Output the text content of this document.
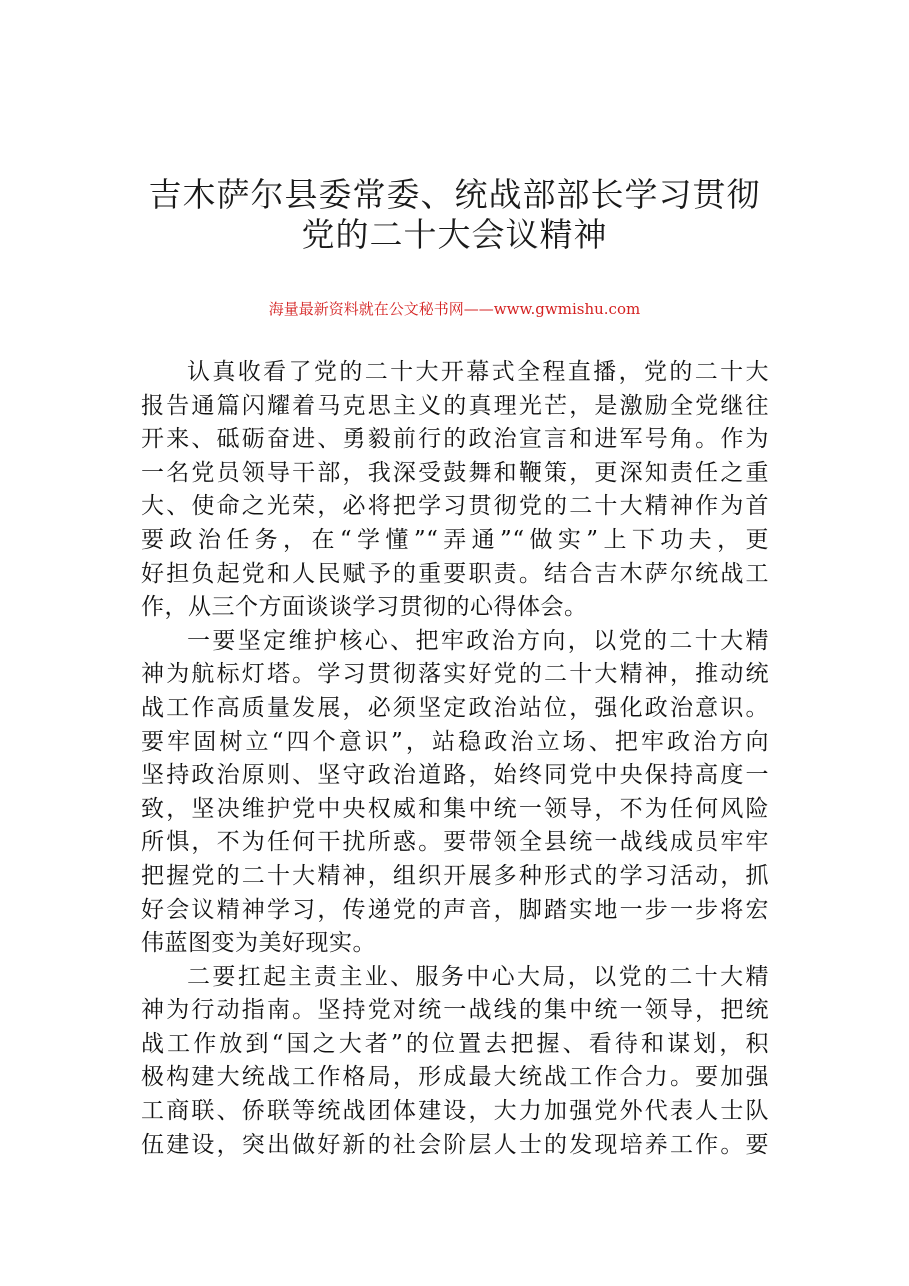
吉木萨尔县委常委、统战部部长学习贯彻
党的二十大会议精神
海量最新资料就在公文秘书网——www.gwmishu.com
认真收看了党的二十大开幕式全程直播，党的二十大
报告通篇闪耀着马克思主义的真理光芒，是激励全党继往
开来、砥砺奋进、勇毅前行的政治宣言和进军号角。作为
一名党员领导干部，我深受鼓舞和鞭策，更深知责任之重
大、使命之光荣，必将把学习贯彻党的二十大精神作为首
要政治任务，在“学懂”“弄通”“做实”上下功夫，更
好担负起党和人民赋予的重要职责。结合吉木萨尔统战工
作，从三个方面谈谈学习贯彻的心得体会。
一要坚定维护核心、把牢政治方向，以党的二十大精
神为航标灯塔。学习贯彻落实好党的二十大精神，推动统
战工作高质量发展，必须坚定政治站位，强化政治意识。
要牢固树立“四个意识”，站稳政治立场、把牢政治方向
坚持政治原则、坚守政治道路，始终同党中央保持高度一
致，坚决维护党中央权威和集中统一领导，不为任何风险
所惧，不为任何干扰所惑。要带领全县统一战线成员牢牢
把握党的二十大精神，组织开展多种形式的学习活动，抓
好会议精神学习，传递党的声音，脚踏实地一步一步将宏
伟蓝图变为美好现实。
二要扛起主责主业、服务中心大局，以党的二十大精
神为行动指南。坚持党对统一战线的集中统一领导，把统
战工作放到“国之大者”的位置去把握、看待和谋划，积
极构建大统战工作格局，形成最大统战工作合力。要加强
工商联、侨联等统战团体建设，大力加强党外代表人士队
伍建设，突出做好新的社会阶层人士的发现培养工作。要
